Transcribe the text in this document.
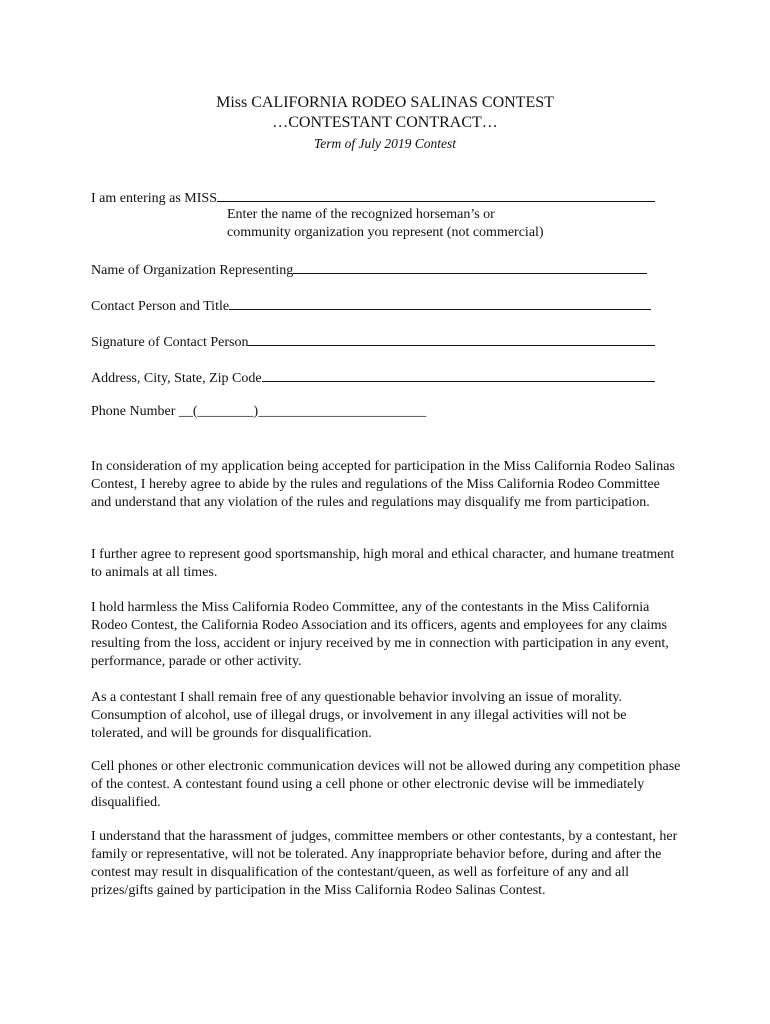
Miss CALIFORNIA RODEO SALINAS CONTEST
…CONTESTANT CONTRACT…
Term of July 2019 Contest
I am entering as MISS
Enter the name of the recognized horseman’s or
community organization you represent (not commercial)
Name of Organization Representing
Contact Person and Title
Signature of Contact Person
Address, City, State, Zip Code
Phone Number __(________)________________________

In consideration of my application being accepted for participation in the Miss California Rodeo Salinas Contest, I hereby agree to abide by the rules and regulations of the Miss California Rodeo Committee and understand that any violation of the rules and regulations may disqualify me from participation.

I further agree to represent good sportsmanship, high moral and ethical character, and humane treatment to animals at all times.

I hold harmless the Miss California Rodeo Committee, any of the contestants in the Miss California Rodeo Contest, the California Rodeo Association and its officers, agents and employees for any claims resulting from the loss, accident or injury received by me in connection with participation in any event, performance, parade or other activity.

As a contestant I shall remain free of any questionable behavior involving an issue of morality. Consumption of alcohol, use of illegal drugs, or involvement in any illegal activities will not be tolerated, and will be grounds for disqualification.

Cell phones or other electronic communication devices will not be allowed during any competition phase of the contest. A contestant found using a cell phone or other electronic devise will be immediately disqualified.

I understand that the harassment of judges, committee members or other contestants, by a contestant, her family or representative, will not be tolerated. Any inappropriate behavior before, during and after the contest may result in disqualification of the contestant/queen, as well as forfeiture of any and all prizes/gifts gained by participation in the Miss California Rodeo Salinas Contest.
